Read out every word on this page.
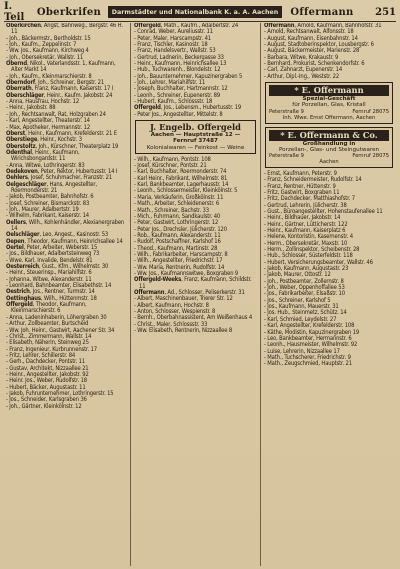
I. Teil	Oberkrifen	Darmstädter und Nationalbank K. a. A. Aachen	Offermann	251

Oberkirchen, Angst, Bahnweg., Bergstr. 46 H. 11

- Joh., Bäckermstr., Bertholdstr. 15

- Joh., Kaufm., Zeppelinstr. 7

- Ww. Jos., Kaufmann, Kirchweg 4

- Joh., Obersekretär, Wallstr. 11

Obernd, Nikol., Vaterlandsstr. 1, Kaufmann, Alter Markt 14

- Joh., Kaufm., Kleinmarschierstr. 8

Oberndorf, Joh., Schreiner, Bergstr. 21

Oberrath, Franz, Kaufmann, Kaiserstr. 17 I

Oberschläger, Heinr., Kaufm. Jakobstr. 24

- Anna, Hausfrau, Hochstr. 12

- Heinr., Jakobstr. 88

- Joh., Rechtsanwalt, Rat, Holzgraben 24

- Karl, Angestellter, Theaterstr. 14

- Max, Apotheker, Hermannstr. 12

Oberst, Heinr., Kaufmann, Krefelderstr. 21 E

Oberstiege, Heinr., Kochstr. 3

Oberstoltz, Joh., Kürschner, Theaterplatz 19

Odenthal, Heinr., Kaufmann, Wirichsbongardstr. 11

- Anna, Witwe, Lothringerstr. 83

Oedekoven, Peter, Rektor, Hubertusstr. 14 I

Oehlers, Josef, Schuhmacher, Franzstr. 21

Oelgeschläger, Hans, Angestellter, Roermonderstr. 21

- Jakob, Postbeamter, Bahnhofstr. 6

- Josef, Schreiner, Bismarckstr. 83

- Joh., Maurer, Adalbertstr. 19

- Wilhelm, Fabrikant, Kaiserstr. 14

Oellers, Wilh., Kohlenhändler, Alexianergraben 14

Oelschläger, Leo, Angest., Kasinostr. 53

Oepen, Theodor, Kaufmann, Heinrichsallee 14

Oertel, Peter, Arbeiter, Weberstr. 15

- Jos., Bildhauer, Adalbertsteinweg 73

- Wwe. Karl, Invalide, Bendelstr. 81

Oesterreich, Gust., Kfm., Wilhelmstr. 30

- Heinr., Steuerinsp., Mariahilfstr. 6

- Johanna, Witwe, Alexanderstr. 11

- Leonhard, Bahnbeamter, Elisabethstr. 14

Oestrich, Jos., Rentner, Turmstr. 14

Oettinghaus, Wilh., Hüttenmstr. 18

Offergeld, Theodor, Kaufmann, Kleinmarschierstr. 6

- Anna, Ladeninhaberin, Löhergraben 30

- Arthur, Zollbeamter, Burtscheid

- Ww. Joh. Heinr., Gastwirt, Aachener Str. 34

- Christ., Zimmermann, Wallstr. 14

- Elisabeth, Näherin, Steinweg 25

- Franz, Ingenieur, Kurbrunnenstr. 17

- Fritz, Lehrer, Schillerstr. 84

- Gerh., Dachdecker, Pontstr. 11

- Gustav, Architekt, Nizzaallee 21

- Heinr., Angestellter, Jakobstr. 92

- Heinr. Jos., Weber, Rudolfstr. 18

- Hubert, Bäcker, Augustastr. 11

- Jakob, Fuhrunternehmer, Lothringerstr. 15

- Jos., Schneider, Karlsgraben 36

- Joh., Gärtner, Kleinkölnstr. 12

Offergeld, Math., Kaufm., Adalbertstr. 24

- Conrad, Weber, Aureliusstr. 11

- Peter, Maler, Harscampstr. 41

- Franz, Tischler, Kasinostr. 18

- Franz, Handelsvertr., Wallstr. 53

- Gertrud, Ladnerin, Beckergasse 33

- Heinr., Kaufmann, Heinrichsallee 13

- Hub., Tuchwarenh., Blondelstr. 12

- Joh., Bauunternehmer, Kapuzinergraben 5

- Joh., Lehrer, Mariahilfstr. 11

- Joseph, Buchhalter, Hartmannstr. 12

- Leonh., Schreiner, Eupenerstr. 89

- Hubert, Kaufm., Schlossstr. 18

Offergeld, Jos., Lebensm., Hubertusstr. 19

- Peter Jos., Angestellter, Mittelstr. 8

J. Engelb. Offergeld
Aachen — Hauptstraße 12 — Fernruf 37487
Kolonialwaren — Feinkost — Weine

- Wilh., Kaufmann, Pontstr. 108

- Josef, Kürschner, Pontstr. 21

- Karl, Buchhalter, Roermonderstr. 74

- Karl Heinr., Fabrikant, Wilhelmstr. 81

- Karl, Bankbeamter, Lagerhausstr. 14

- Leonh., Schlossermeister, Kleinkölnstr. 5

- Maria, Verkäuferin, Großkölnstr. 11

- Math., Arbeiter, Schleidenerstr. 6

- Math., Schreiner, Bachstr. 33

- Mich., Fuhrmann, Sandkaulstr. 40

- Peter, Gastwirt, Lothringerstr. 12

- Peter Jos., Drechsler, Jülicherstr. 120

- Rob., Kaufmann, Alexanderstr. 11

- Rudolf, Postschaffner, Karlshof 16

- Theod., Kaufmann, Martinstr. 28

- Wilh., Fabrikarbeiter, Harscampstr. 8

- Wilh., Angestellter, Friedrichstr. 17

- Ww. Maria, Rentnerin, Rudolfstr. 14

- Ww. Jos., Kaufmannswitwe, Boxgraben 9

Offergeld-Weeks, Franz, Kaufmann, Schildstr. 11

Offermann, Ad., Schlosser, Peliserkerstr. 31

- Albert, Maschinenbauer, Trierer Str. 12

- Albert, Kaufmann, Hochstr. 8

- Anton, Schlosser, Wespienstr. 8

- Bernh., Oberbahnassistent, Am Weißenhaus 4

- Christ., Maler, Schlossstr. 33

- Ww. Elisabeth, Rentnerin, Nizzaallee 8

Offermann, Arnold, Kaufmann, Bahnhofstr. 31

- Arnold, Rechtsanwalt, Alfonsstr. 18

- August, Kaufmann, Eisenbahnstr. 14

- August, Stadtoberinspektor, Lousbergstr. 6

- August, Bäckermeister, Marienstr. 28

- Barbara, Witwe, Krakaustr. 9

- Bernhard, Prokurist, Schenkendorfstr. 6

- Carl, Zahnarzt, Eupenerstr. 14

- Arthur, Dipl.-Ing., Weststr. 22

* E. Offermann
Spezial-Geschäft
für Porzellan, Glas, Kristall
Peterstraße 9	Fernruf 28075
Inh. Wwe. Ernst Offermann, Aachen
* E. Offermann & Co.
Großhandlung in
Porzellan-, Glas- und Steingutwaren
Peterstraße 9	Fernruf 28075
Aachen

- Ernst, Kaufmann, Peterstr. 9

- Franz, Schneidermeister, Rudolfstr. 14

- Franz, Rentner, Hüttenstr. 9

- Fritz, Gastwirt, Boxgraben 11

- Fritz, Dachdecker, Matthiashofstr. 7

- Gertrud, Lehrerin, Jülicherstr. 38

- Gust., Büroangestellter, Hohenstaufenallee 11

- Heinr., Bildhauer, Jakobstr. 14

- Heinr., Gärtner, Lütticherstr. 122

- Heinr., Kaufmann, Kaiserplatz 6

- Helene, Kontoristin, Kasernenstr. 4

- Herm., Obersekretär, Maxstr. 10

- Herm., Zollinspektor, Scheibenstr. 28

- Hub., Schlosser, Süsterfeldstr. 118

- Hubert, Versicherungsbeamter, Wallstr. 46

- Jakob, Kaufmann, Augustastr. 23

- Jakob, Maurer, Ottostr. 12

- Joh., Postbeamter, Zollernstr. 8

- Joh., Weber, Oppenhoffallee 53

- Jos., Fabrikarbeiter, Elsaßstr. 10

- Jos., Schreiner, Karlshof 5

- Jos., Kaufmann, Mauerstr. 31

- Jos. Hub., Steinmetz, Schütz. 14

- Karl, Schmied, Leydelstr. 27

- Karl, Angestellter, Krefelderstr. 108

- Käthe, Modistin, Kapuzinergraben 19

- Leo, Bankbeamter, Hermannstr. 6

- Leonh., Hausmeister, Wilhelmstr. 92

- Luise, Lehrerin, Nizzaallee 17

- Math., Tuchscherer, Friedrichstr. 9

- Math., Zeugschmied, Hauptstr. 21
